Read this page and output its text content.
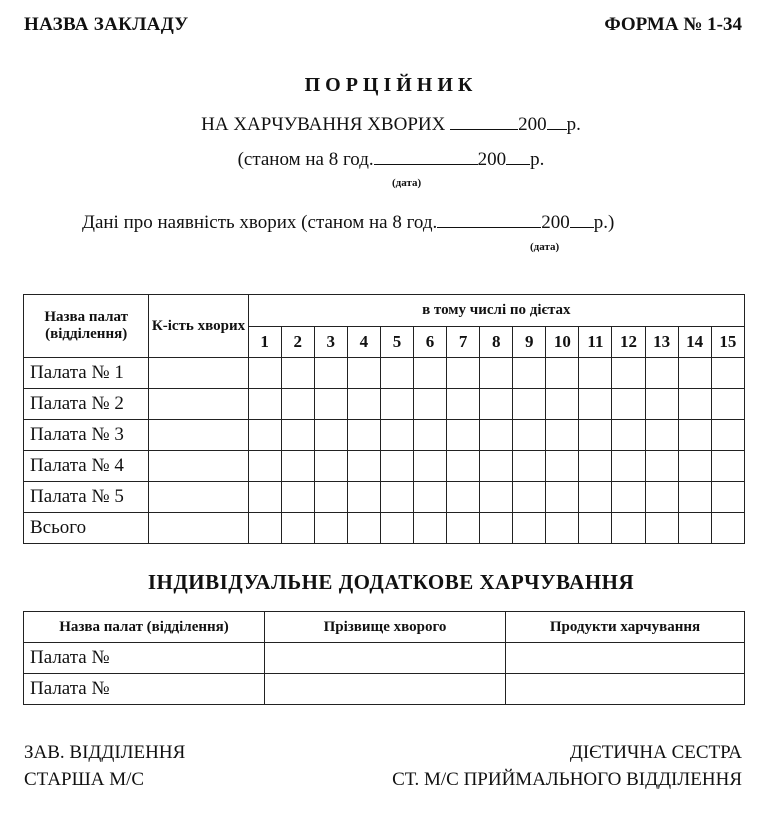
НАЗВА ЗАКЛАДУ	ФОРМА № 1-34
ПОРЦІЙНИК
НА ХАРЧУВАННЯ ХВОРИХ	200 р.
(станом на 8 год.	200 р.
(дата)
Дані про наявність хворих (станом на 8 год.	200 р.)
(дата)
Назва палат (відділення)	К-ість хворих	в тому числі по дієтах														
		1	2	3	4	5	6	7	8	9	10	11	12	13	14	15
Палата № 1																
Палата № 2																
Палата № 3																
Палата № 4																
Палата № 5																
Всього																
ІНДИВІДУАЛЬНЕ ДОДАТКОВЕ ХАРЧУВАННЯ
Назва палат (відділення)	Прізвище хворого	Продукти харчування
Палата №		
Палата №		
ЗАВ. ВІДДІЛЕННЯ	ДІЄТИЧНА СЕСТРА
СТАРША М/С	СТ. М/С ПРИЙМАЛЬНОГО ВІДДІЛЕННЯ
